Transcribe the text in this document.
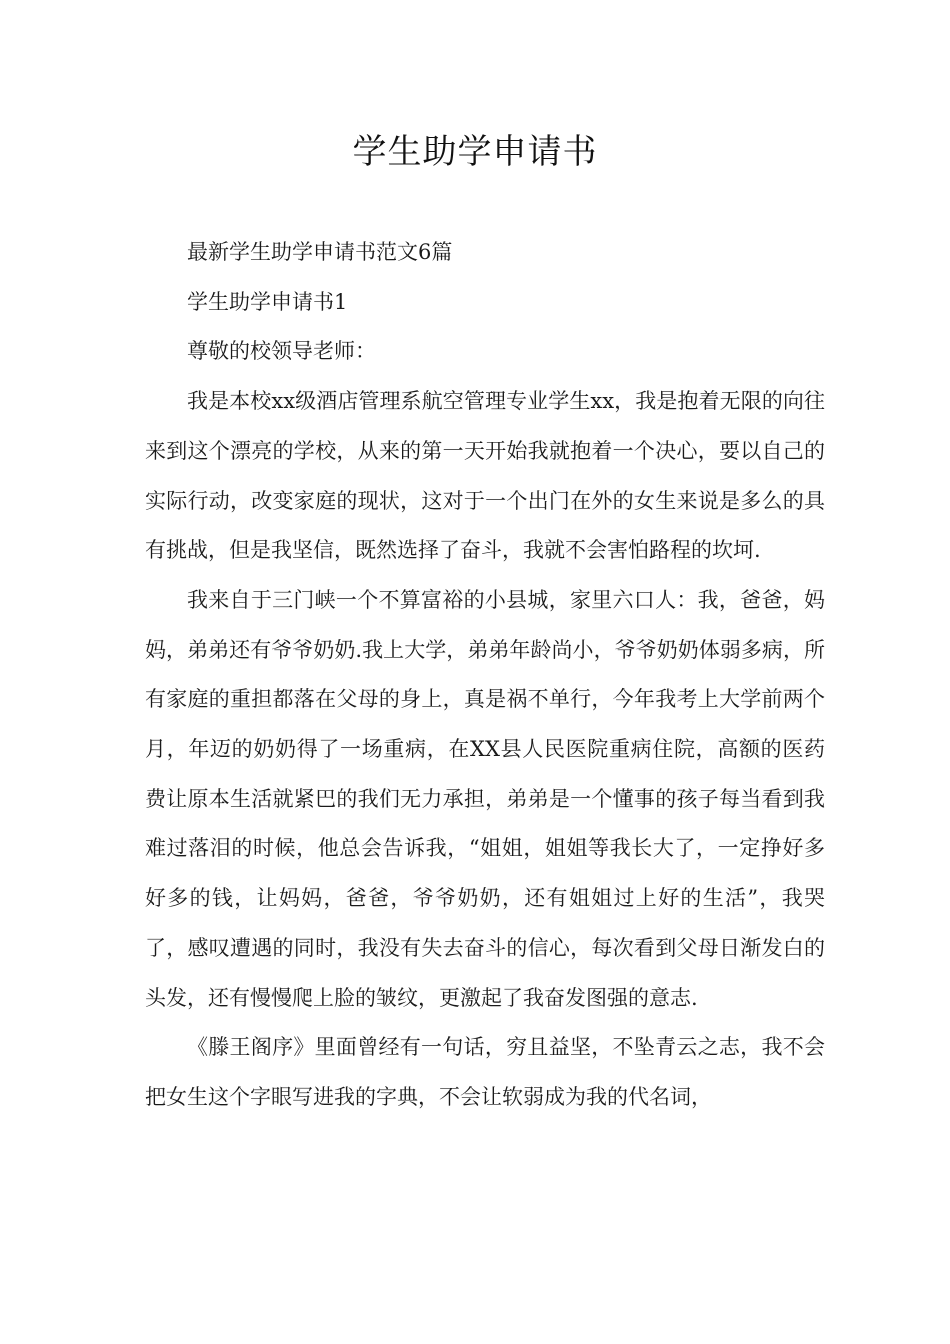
学生助学申请书

最新学生助学申请书范文6篇

学生助学申请书1

尊敬的校领导老师：

我是本校xx级酒店管理系航空管理专业学生xx，我是抱着无限的向往来到这个漂亮的学校，从来的第一天开始我就抱着一个决心，要以自己的实际行动，改变家庭的现状，这对于一个出门在外的女生来说是多么的具有挑战，但是我坚信，既然选择了奋斗，我就不会害怕路程的坎坷.

我来自于三门峡一个不算富裕的小县城，家里六口人：我，爸爸，妈妈，弟弟还有爷爷奶奶.我上大学，弟弟年龄尚小，爷爷奶奶体弱多病，所有家庭的重担都落在父母的身上，真是祸不单行，今年我考上大学前两个月，年迈的奶奶得了一场重病，在XX县人民医院重病住院，高额的医药费让原本生活就紧巴的我们无力承担，弟弟是一个懂事的孩子每当看到我难过落泪的时候，他总会告诉我，“姐姐，姐姐等我长大了，一定挣好多好多的钱，让妈妈，爸爸，爷爷奶奶，还有姐姐过上好的生活”，我哭了，感叹遭遇的同时，我没有失去奋斗的信心，每次看到父母日渐发白的头发，还有慢慢爬上脸的皱纹，更激起了我奋发图强的意志.

《滕王阁序》里面曾经有一句话，穷且益坚，不坠青云之志，我不会把女生这个字眼写进我的字典，不会让软弱成为我的代名词，
